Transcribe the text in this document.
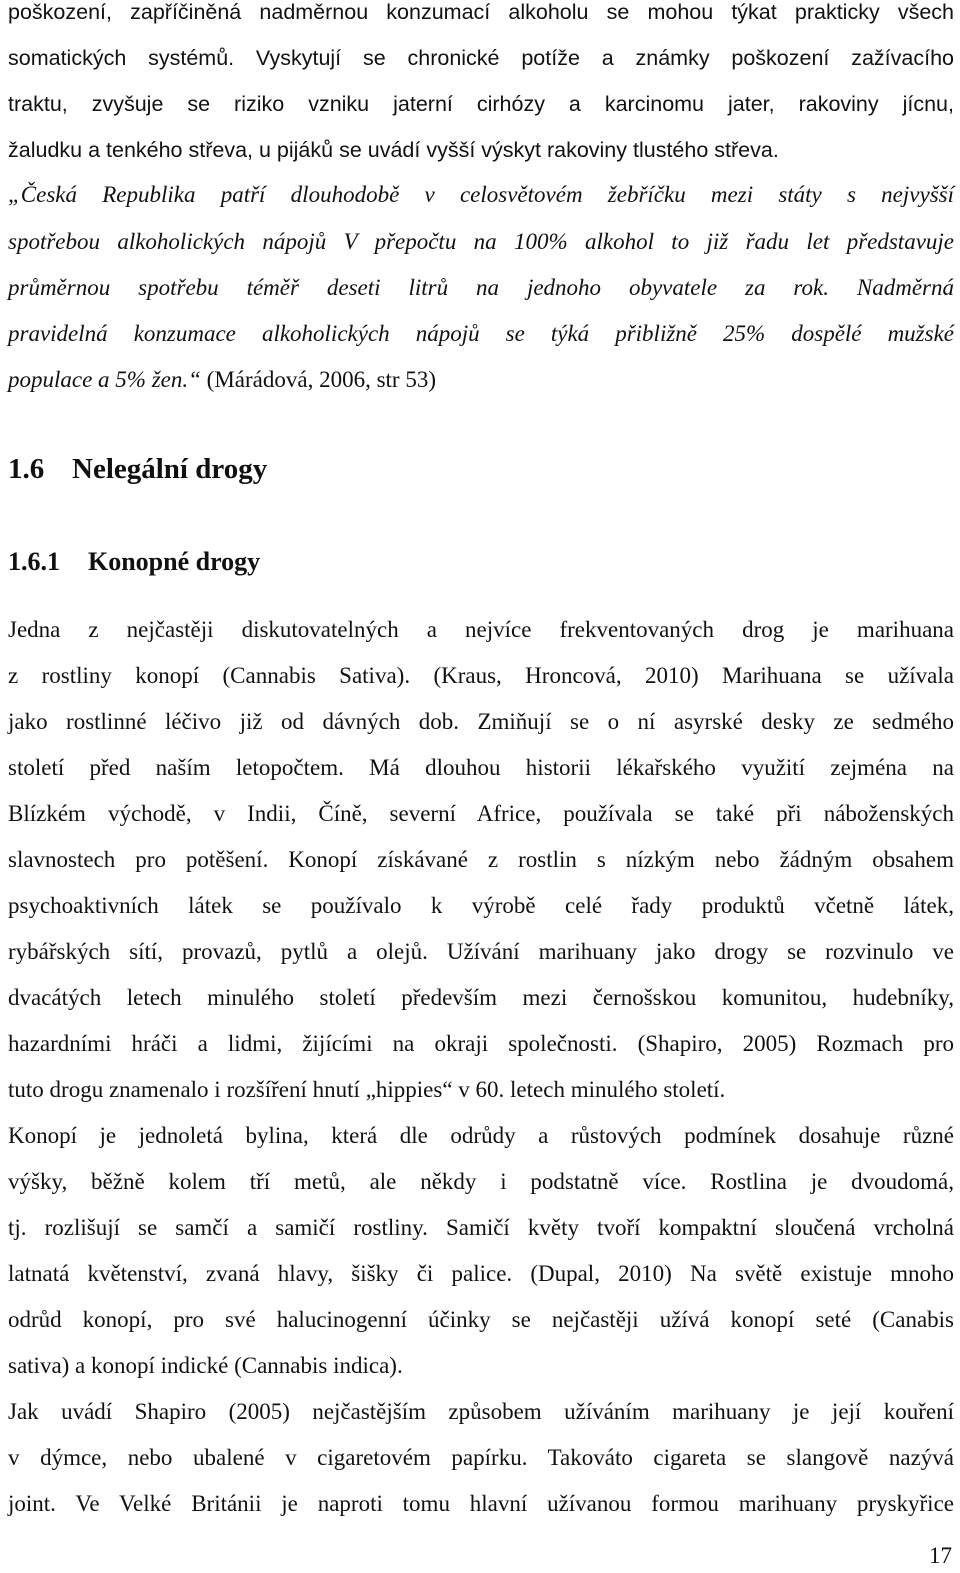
poškození, zapříčiněná nadměrnou konzumací alkoholu se mohou týkat prakticky všech
somatických systémů. Vyskytují se chronické potíže a známky poškození zažívacího
traktu, zvyšuje se riziko vzniku jaterní cirhózy a karcinomu jater, rakoviny jícnu,
žaludku a tenkého střeva, u pijáků se uvádí vyšší výskyt rakoviny tlustého střeva.
„Česká Republika patří dlouhodobě v celosvětovém žebříčku mezi státy s nejvyšší
spotřebou alkoholických nápojů V přepočtu na 100% alkohol to již řadu let představuje
průměrnou spotřebu téměř deseti litrů na jednoho obyvatele za rok. Nadměrná
pravidelná konzumace alkoholických nápojů se týká přibližně 25% dospělé mužské
populace a 5% žen.“ (Márádová, 2006, str 53)
1.6 Nelegální drogy
1.6.1 Konopné drogy
Jedna z nejčastěji diskutovatelných a nejvíce frekventovaných drog je marihuana
z rostliny konopí (Cannabis Sativa). (Kraus, Hroncová, 2010) Marihuana se užívala
jako rostlinné léčivo již od dávných dob. Zmiňují se o ní asyrské desky ze sedmého
století před naším letopočtem. Má dlouhou historii lékařského využití zejména na
Blízkém východě, v Indii, Číně, severní Africe, používala se také při náboženských
slavnostech pro potěšení. Konopí získávané z rostlin s nízkým nebo žádným obsahem
psychoaktivních látek se používalo k výrobě celé řady produktů včetně látek,
rybářských sítí, provazů, pytlů a olejů. Užívání marihuany jako drogy se rozvinulo ve
dvacátých letech minulého století především mezi černošskou komunitou, hudebníky,
hazardními hráči a lidmi, žijícími na okraji společnosti. (Shapiro, 2005) Rozmach pro
tuto drogu znamenalo i rozšíření hnutí „hippies“ v 60. letech minulého století.
Konopí je jednoletá bylina, která dle odrůdy a růstových podmínek dosahuje různé
výšky, běžně kolem tří metů, ale někdy i podstatně více. Rostlina je dvoudomá,
tj. rozlišují se samčí a samičí rostliny. Samičí květy tvoří kompaktní sloučená vrcholná
latnatá květenství, zvaná hlavy, šišky či palice. (Dupal, 2010) Na světě existuje mnoho
odrůd konopí, pro své halucinogenní účinky se nejčastěji užívá konopí seté (Canabis
sativa) a konopí indické (Cannabis indica).
Jak uvádí Shapiro (2005) nejčastějším způsobem užíváním marihuany je její kouření
v dýmce, nebo ubalené v cigaretovém papírku. Takováto cigareta se slangově nazývá
joint. Ve Velké Británii je naproti tomu hlavní užívanou formou marihuany pryskyřice
17
